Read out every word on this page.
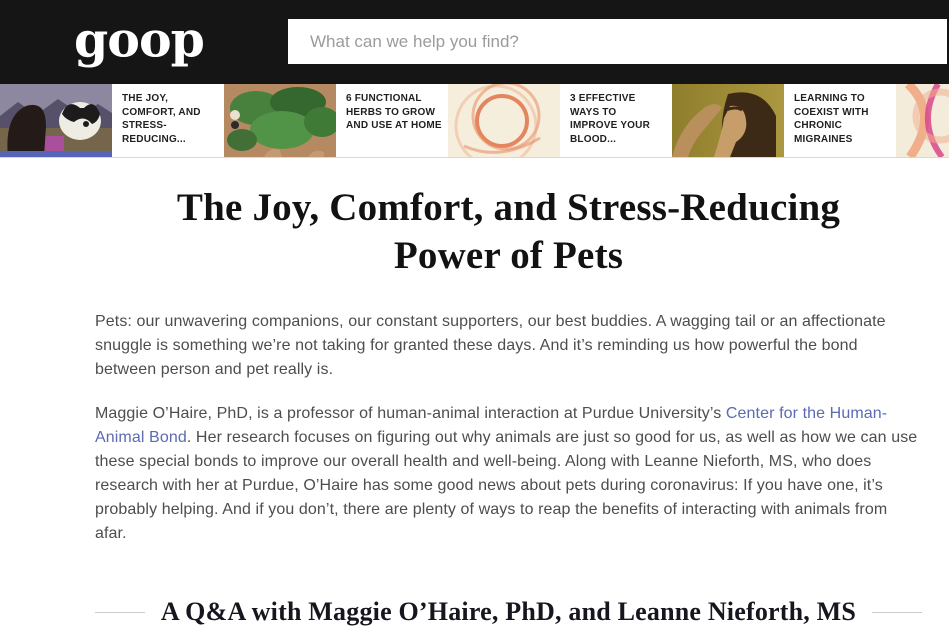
goop
What can we help you find?
THE JOY, COMFORT, AND STRESS-REDUCING...
6 FUNCTIONAL HERBS TO GROW AND USE AT HOME
3 EFFECTIVE WAYS TO IMPROVE YOUR BLOOD...
LEARNING TO COEXIST WITH CHRONIC MIGRAINES
The Joy, Comfort, and Stress-Reducing Power of Pets

Pets: our unwavering companions, our constant supporters, our best buddies. A wagging tail or an affectionate snuggle is something we’re not taking for granted these days. And it’s reminding us how powerful the bond between person and pet really is.

Maggie O’Haire, PhD, is a professor of human-animal interaction at Purdue University’s Center for the Human-Animal Bond. Her research focuses on figuring out why animals are just so good for us, as well as how we can use these special bonds to improve our overall health and well-being. Along with Leanne Nieforth, MS, who does research with her at Purdue, O’Haire has some good news about pets during coronavirus: If you have one, it’s probably helping. And if you don’t, there are plenty of ways to reap the benefits of interacting with animals from afar.

A Q&A with Maggie O’Haire, PhD, and Leanne Nieforth, MS
